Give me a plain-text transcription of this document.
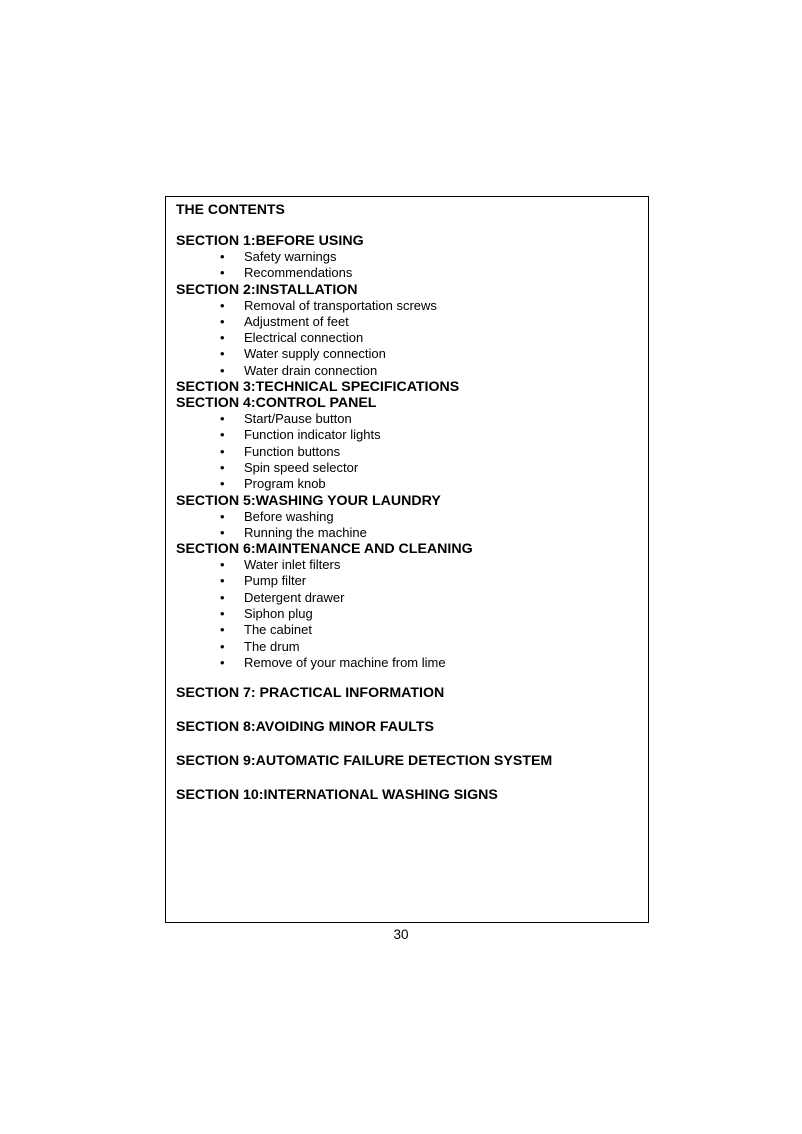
THE CONTENTS
SECTION 1:BEFORE USING
• Safety warnings
• Recommendations
SECTION 2:INSTALLATION
• Removal of transportation screws
• Adjustment of feet
• Electrical connection
• Water supply connection
• Water drain connection
SECTION 3:TECHNICAL SPECIFICATIONS
SECTION 4:CONTROL PANEL
• Start/Pause button
• Function indicator lights
• Function buttons
• Spin speed selector
• Program knob
SECTION 5:WASHING YOUR LAUNDRY
• Before washing
• Running the machine
SECTION 6:MAINTENANCE AND CLEANING
• Water inlet filters
• Pump filter
• Detergent drawer
• Siphon plug
• The cabinet
• The drum
• Remove of your machine from lime
SECTION 7: PRACTICAL INFORMATION
SECTION 8:AVOIDING MINOR FAULTS
SECTION 9:AUTOMATIC FAILURE DETECTION SYSTEM
SECTION 10:INTERNATIONAL WASHING SIGNS
30
